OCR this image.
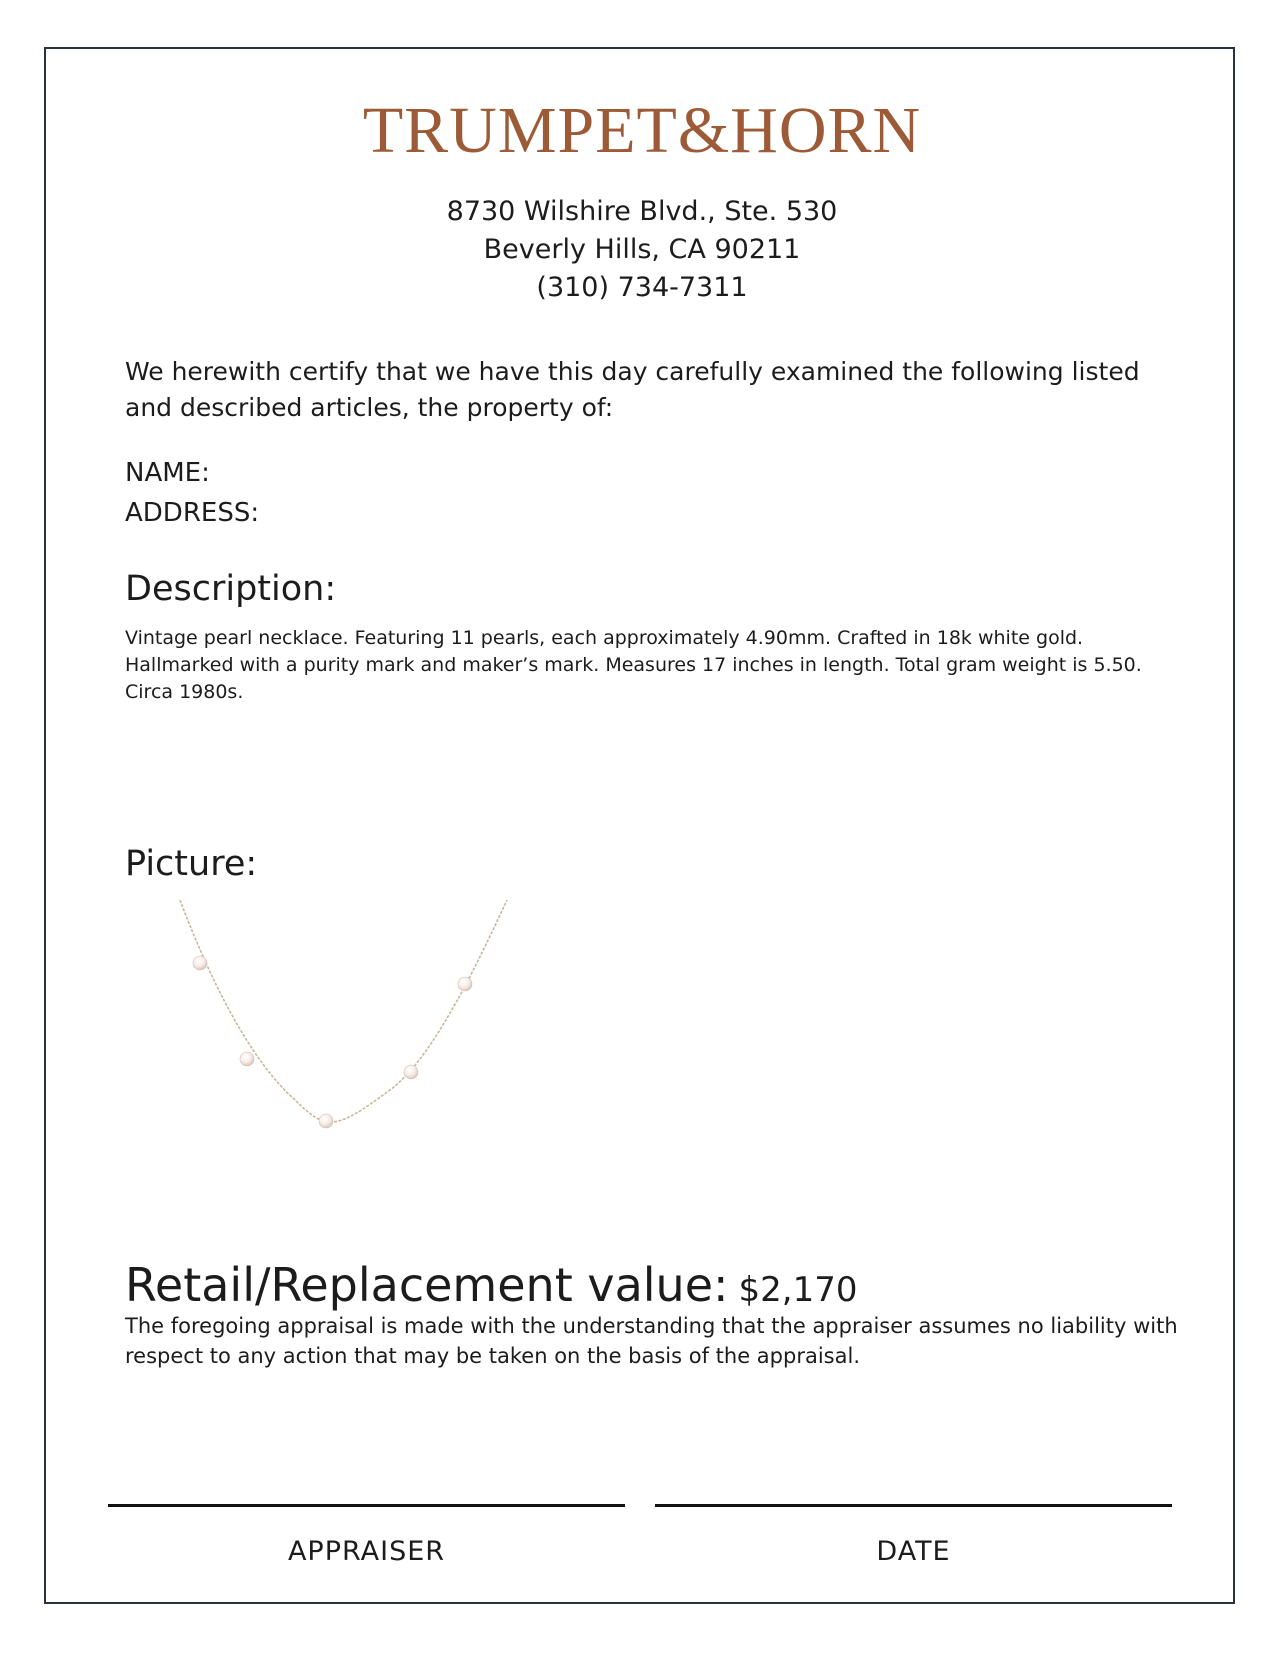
TRUMPET&HORN
8730 Wilshire Blvd., Ste. 530
Beverly Hills, CA 90211
(310) 734-7311
We herewith certify that we have this day carefully examined the following listed and described articles, the property of:
NAME:
ADDRESS:
Description:
Vintage pearl necklace. Featuring 11 pearls, each approximately 4.90mm. Crafted in 18k white gold. Hallmarked with a purity mark and maker’s mark. Measures 17 inches in length. Total gram weight is 5.50. Circa 1980s.
Picture:
Retail/Replacement value: $2,170
The foregoing appraisal is made with the understanding that the appraiser assumes no liability with respect to any action that may be taken on the basis of the appraisal.
APPRAISER	DATE
